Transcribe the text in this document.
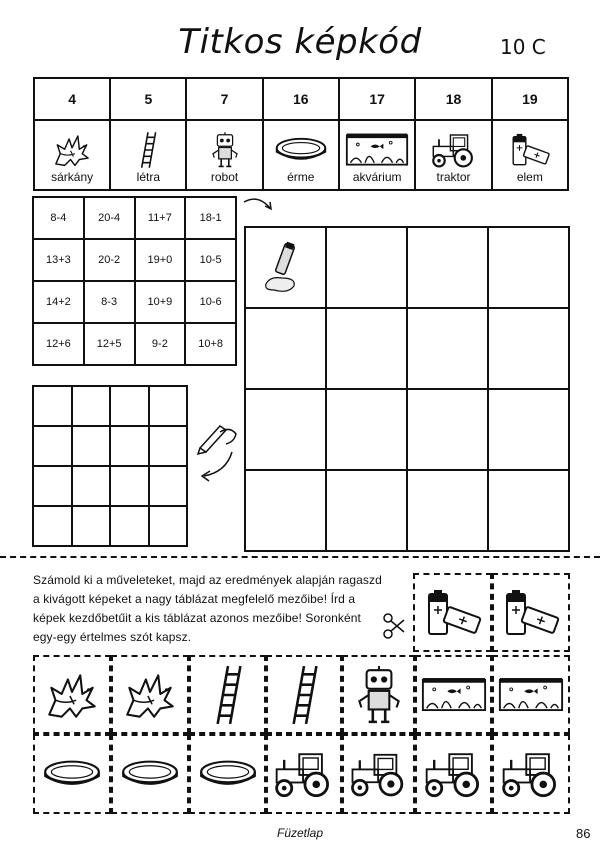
Titkos képkód	10 C
4	5	7	16	17	18	19

sárkány	létra	robot	érme	akvárium	traktor	elem
8-4	20-4	11+7	18-1
13+3	20-2	19+0	10-5
14+2	8-3	10+9	10-6
12+6	12+5	9-2	10+8

Számold ki a műveleteket, majd az eredmények alapján ragaszd a kivágott képeket a nagy táblázat megfelelő mezőibe! Írd a képek kezdőbetűit a kis táblázat azonos mezőibe! Soronként egy-egy értelmes szót kapsz.
Füzetlap	86
